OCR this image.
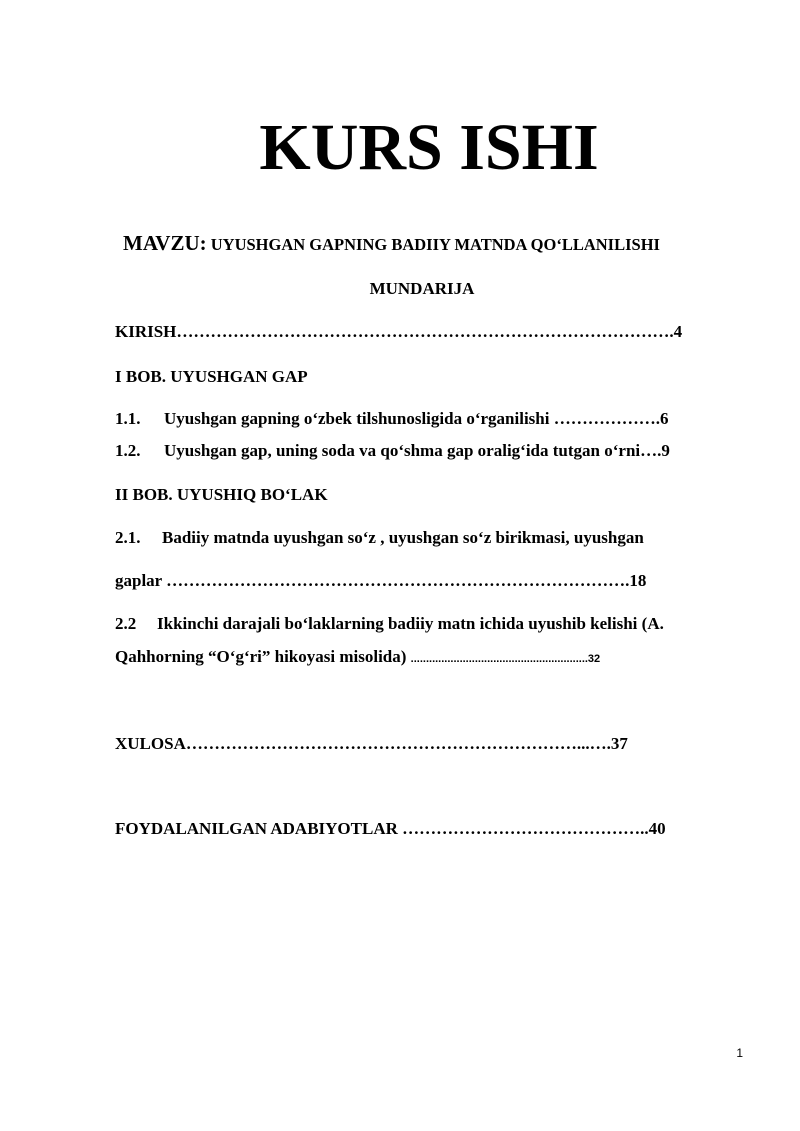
KURS ISHI
MAVZU: UYUSHGAN GAPNING BADIIY MATNDA QO‘LLANILISHI
MUNDARIJA
KIRISH…………………………………………………………………………….4
I BOB. UYUSHGAN GAP
1.1. Uyushgan gapning o‘zbek tilshunosligida o‘rganilishi ……………….6
1.2. Uyushgan gap, uning soda va qo‘shma gap oralig‘ida tutgan o‘rni….9
II BOB. UYUSHIQ BO‘LAK
2.1. Badiiy matnda uyushgan so‘z , uyushgan so‘z birikmasi, uyushgan
gaplar ……………………………………………………………………….18
2.2 Ikkinchi darajali bo‘laklarning badiiy matn ichida uyushib kelishi (A.
Qahhorning “O‘g‘ri” hikoyasi misolida) ..........................................................32
XULOSA……………………………………………………………...….37
FOYDALANILGAN ADABIYOTLAR ……………………………………..40
1
